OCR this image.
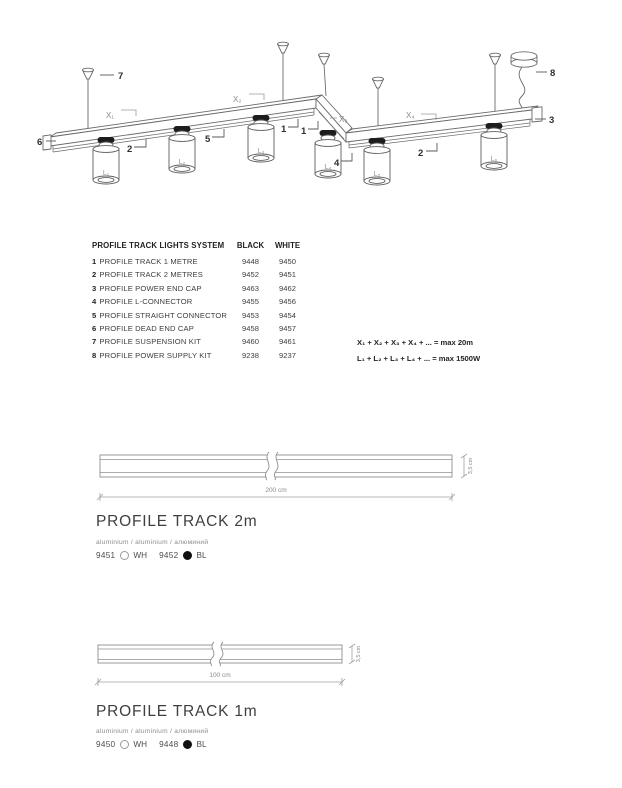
7
6
2
5
1 1
4
2
3
8
X₁
X₂
X₃	X₄
L₁
L₂
L₃
L₄
L₅
L₆
PROFILE TRACK LIGHTS SYSTEM	BLACK	WHITE
1 PROFILE TRACK 1 METRE	9448	9450
2 PROFILE TRACK 2 METRES	9452	9451
3 PROFILE POWER END CAP	9463	9462
4 PROFILE L-CONNECTOR	9455	9456
5 PROFILE STRAIGHT CONNECTOR	9453	9454
6 PROFILE DEAD END CAP	9458	9457
7 PROFILE SUSPENSION KIT	9460	9461
8 PROFILE POWER SUPPLY KIT	9238	9237
X₁ + X₂ + X₃ + X₄ + ... = max 20m
L₁ + L₂ + L₃ + L₄ + ... = max 1500W
200 cm
3,5 cm
PROFILE TRACK 2m
aluminium / aluminium / алюминий
9451 WH 9452 BL
100 cm
3,5 cm
PROFILE TRACK 1m
aluminium / aluminium / алюминий
9450 WH 9448 BL
